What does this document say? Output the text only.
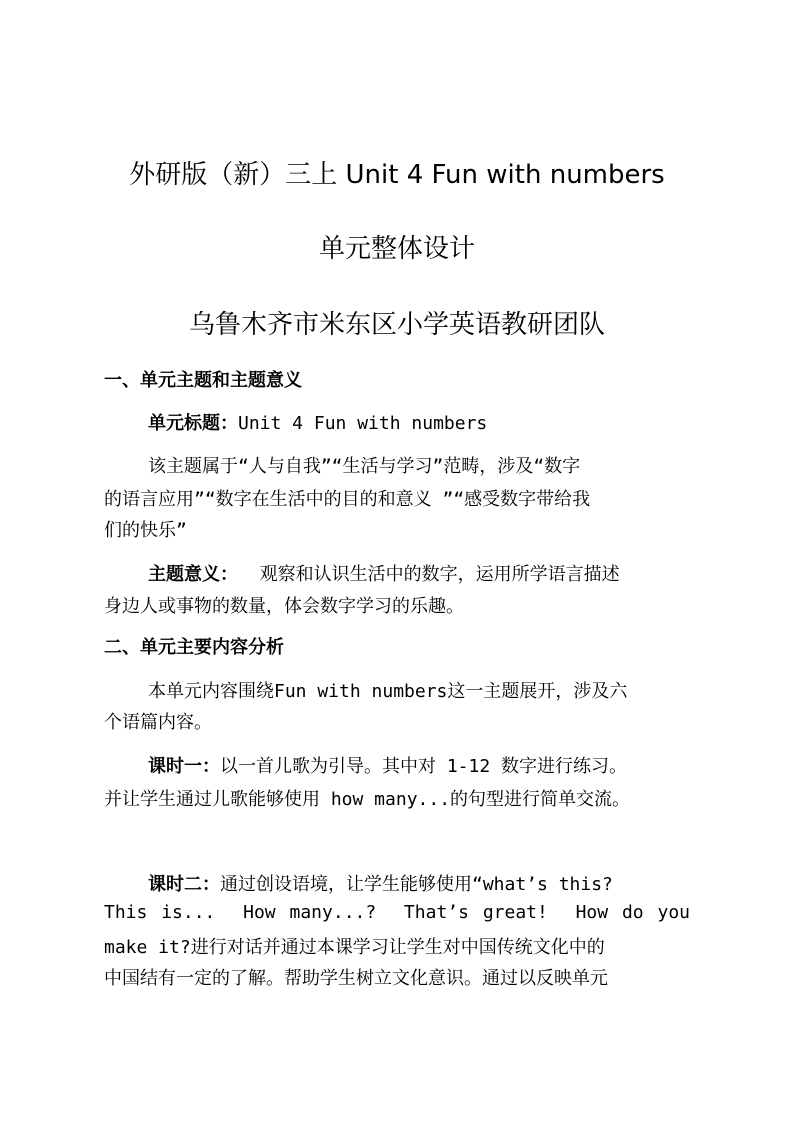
外研版（新）三上 Unit 4 Fun with numbers
单元整体设计
乌鲁木齐市米东区小学英语教研团队
一、单元主题和主题意义
单元标题：Unit 4 Fun with numbers
该主题属于“人与自我”“生活与学习”范畴，涉及“数字
的语言应用”“数字在生活中的目的和意义 ”“感受数字带给我
们的快乐”
主题意义：  观察和认识生活中的数字，运用所学语言描述
身边人或事物的数量，体会数字学习的乐趣。
二、单元主要内容分析
本单元内容围绕Fun with numbers这一主题展开，涉及六
个语篇内容。
课时一：以一首儿歌为引导。其中对 1-12 数字进行练习。
并让学生通过儿歌能够使用 how many...的句型进行简单交流。
课时二：通过创设语境，让学生能够使用“what’s this?
This is...  How many...?  That’s great!  How do you
make it?进行对话并通过本课学习让学生对中国传统文化中的
中国结有一定的了解。帮助学生树立文化意识。通过以反映单元
